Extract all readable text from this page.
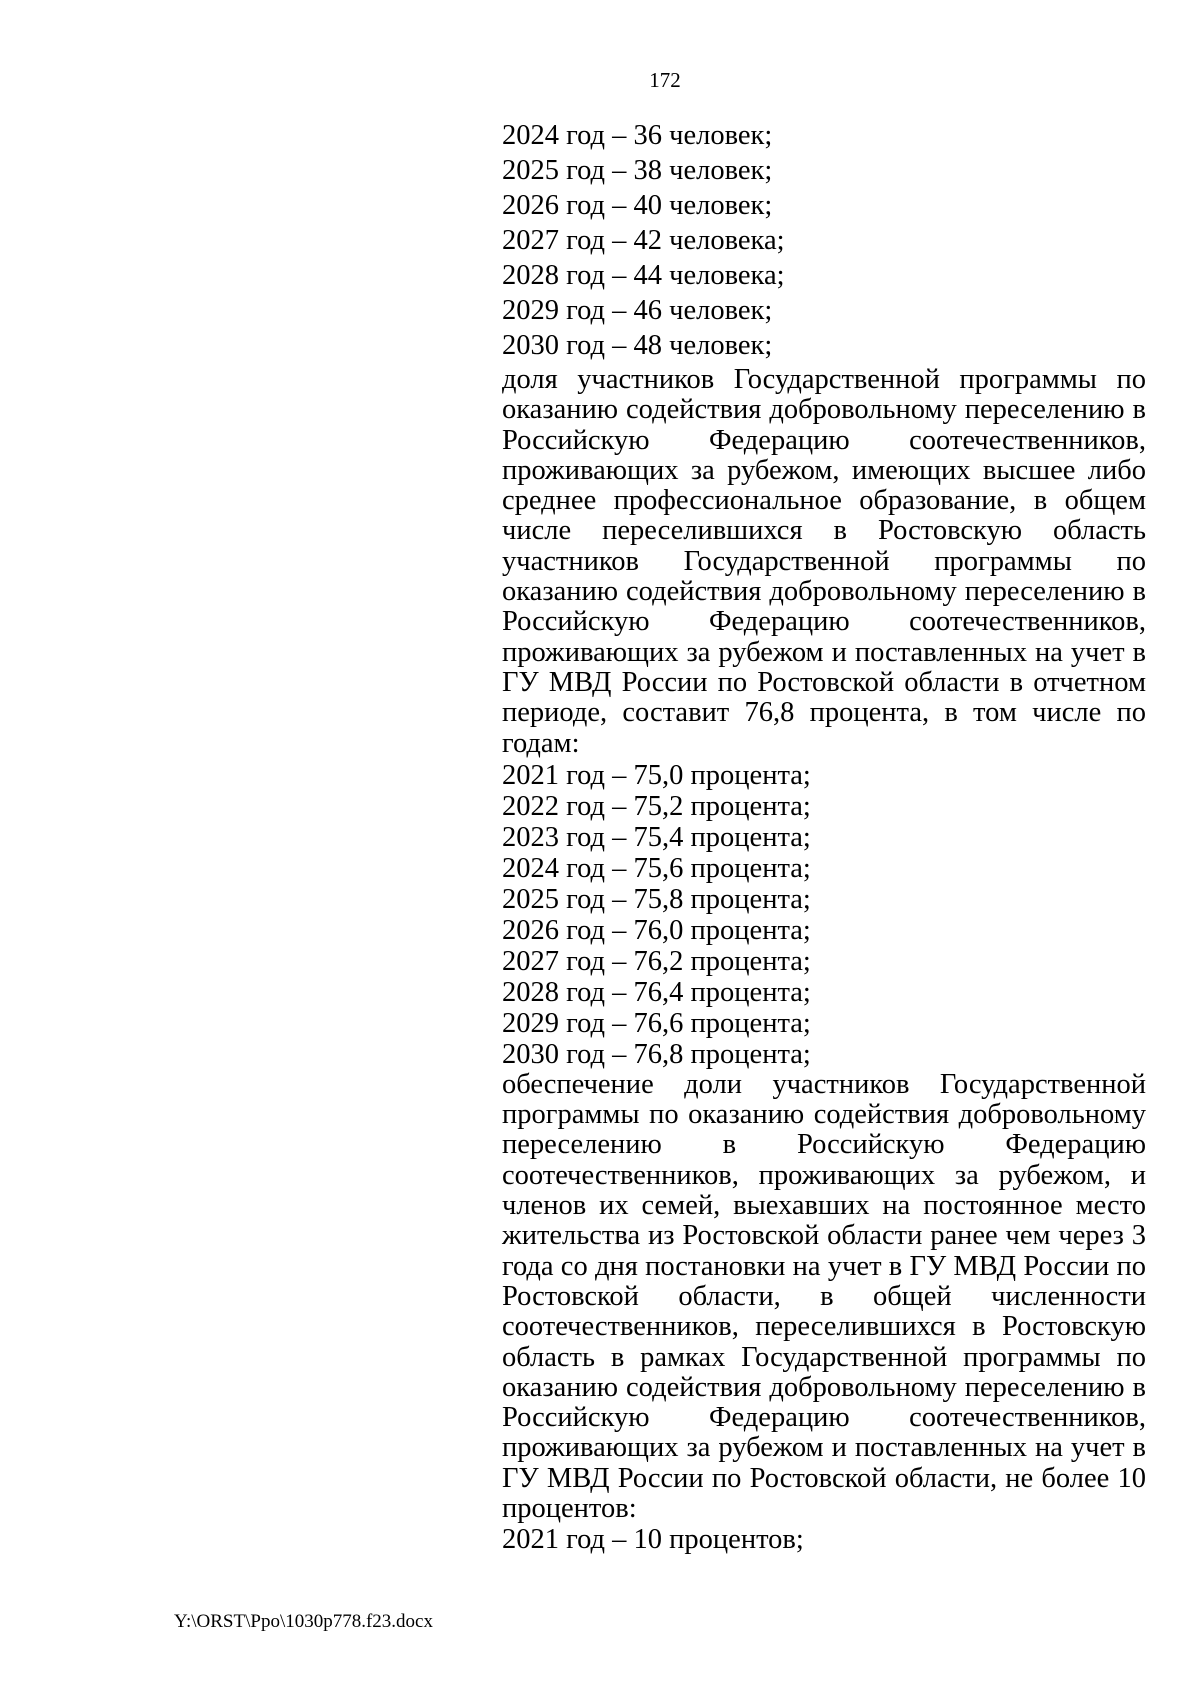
172
2024 год – 36 человек;
2025 год – 38 человек;
2026 год – 40 человек;
2027 год – 42 человека;
2028 год – 44 человека;
2029 год – 46 человек;
2030 год – 48 человек;

доля участников Государственной программы по оказанию содействия добровольному переселению в Российскую Федерацию соотечественников, проживающих за рубежом, имеющих высшее либо среднее профессиональное образование, в общем числе переселившихся в Ростовскую область участников Государственной программы по оказанию содействия добровольному переселению в Российскую Федерацию соотечественников, проживающих за рубежом и поставленных на учет в ГУ МВД России по Ростовской области в отчетном периоде, составит 76,8 процента, в том числе по годам:

2021 год – 75,0 процента;
2022 год – 75,2 процента;
2023 год – 75,4 процента;
2024 год – 75,6 процента;
2025 год – 75,8 процента;
2026 год – 76,0 процента;
2027 год – 76,2 процента;
2028 год – 76,4 процента;
2029 год – 76,6 процента;
2030 год – 76,8 процента;

обеспечение доли участников Государственной программы по оказанию содействия добровольному переселению в Российскую Федерацию соотечественников, проживающих за рубежом, и членов их семей, выехавших на постоянное место жительства из Ростовской области ранее чем через 3 года со дня постановки на учет в ГУ МВД России по Ростовской области, в общей численности соотечественников, переселившихся в Ростовскую область в рамках Государственной программы по оказанию содействия добровольному переселению в Российскую Федерацию соотечественников, проживающих за рубежом и поставленных на учет в ГУ МВД России по Ростовской области, не более 10 процентов:

2021 год – 10 процентов;
Y:\ORST\Ppo\1030p778.f23.docx
